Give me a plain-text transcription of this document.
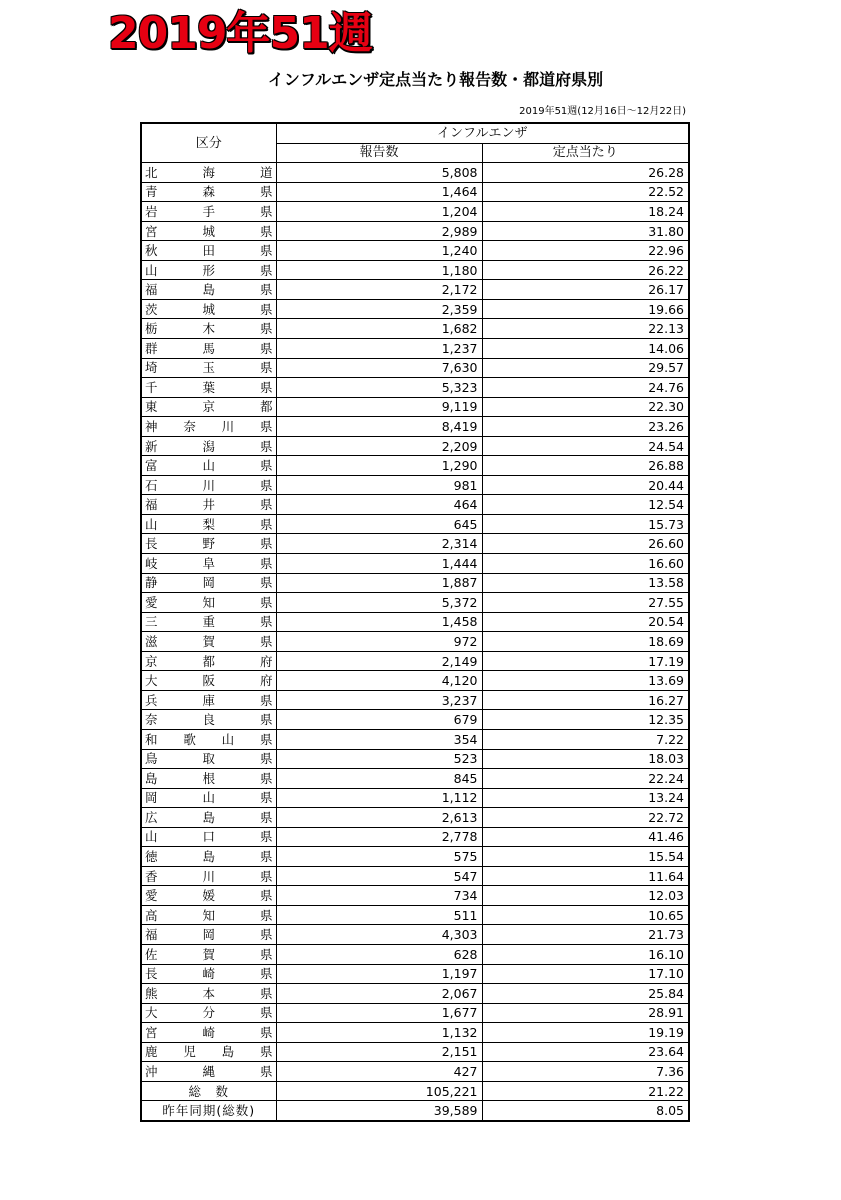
2019年51週
インフルエンザ定点当たり報告数・都道府県別
2019年51週(12月16日～12月22日)
区分	インフルエンザ	
	報告数	定点当たり

北 海 道	5,808	26.28

青 森 県	1,464	22.52

岩 手 県	1,204	18.24

宮 城 県	2,989	31.80

秋 田 県	1,240	22.96

山 形 県	1,180	26.22

福 島 県	2,172	26.17

茨 城 県	2,359	19.66

栃 木 県	1,682	22.13

群 馬 県	1,237	14.06

埼 玉 県	7,630	29.57

千 葉 県	5,323	24.76

東 京 都	9,119	22.30

神 奈 川 県	8,419	23.26

新 潟 県	2,209	24.54

富 山 県	1,290	26.88

石 川 県	981	20.44

福 井 県	464	12.54

山 梨 県	645	15.73

長 野 県	2,314	26.60

岐 阜 県	1,444	16.60

静 岡 県	1,887	13.58

愛 知 県	5,372	27.55

三 重 県	1,458	20.54

滋 賀 県	972	18.69

京 都 府	2,149	17.19

大 阪 府	4,120	13.69

兵 庫 県	3,237	16.27

奈 良 県	679	12.35

和 歌 山 県	354	7.22

鳥 取 県	523	18.03

島 根 県	845	22.24

岡 山 県	1,112	13.24

広 島 県	2,613	22.72

山 口 県	2,778	41.46

徳 島 県	575	15.54

香 川 県	547	11.64

愛 媛 県	734	12.03

高 知 県	511	10.65

福 岡 県	4,303	21.73

佐 賀 県	628	16.10

長 崎 県	1,197	17.10

熊 本 県	2,067	25.84

大 分 県	1,677	28.91

宮 崎 県	1,132	19.19

鹿 児 島 県	2,151	23.64

沖 縄 県	427	7.36
総　数	105,221	21.22
昨年同期(総数)	39,589	8.05
